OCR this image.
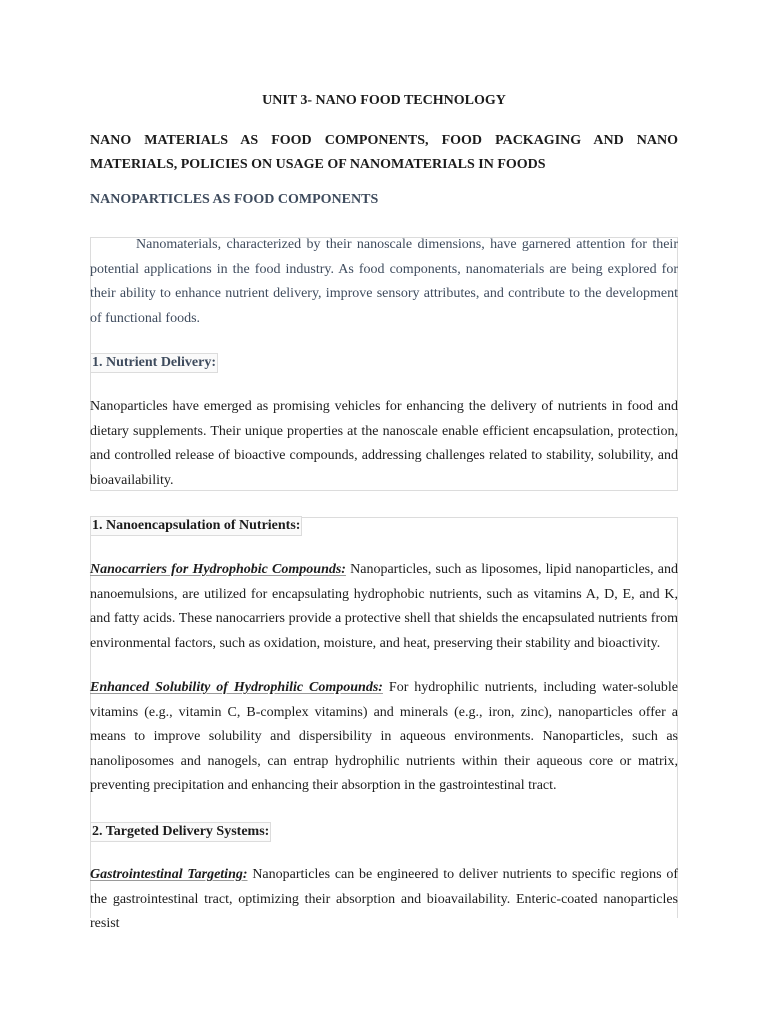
UNIT 3- NANO FOOD TECHNOLOGY
NANO MATERIALS AS FOOD COMPONENTS, FOOD PACKAGING AND NANO MATERIALS, POLICIES ON USAGE OF NANOMATERIALS IN FOODS
NANOPARTICLES AS FOOD COMPONENTS
Nanomaterials, characterized by their nanoscale dimensions, have garnered attention for their potential applications in the food industry. As food components, nanomaterials are being explored for their ability to enhance nutrient delivery, improve sensory attributes, and contribute to the development of functional foods.
1. Nutrient Delivery:
Nanoparticles have emerged as promising vehicles for enhancing the delivery of nutrients in food and dietary supplements. Their unique properties at the nanoscale enable efficient encapsulation, protection, and controlled release of bioactive compounds, addressing challenges related to stability, solubility, and bioavailability.
1. Nanoencapsulation of Nutrients:
Nanocarriers for Hydrophobic Compounds: Nanoparticles, such as liposomes, lipid nanoparticles, and nanoemulsions, are utilized for encapsulating hydrophobic nutrients, such as vitamins A, D, E, and K, and fatty acids. These nanocarriers provide a protective shell that shields the encapsulated nutrients from environmental factors, such as oxidation, moisture, and heat, preserving their stability and bioactivity.
Enhanced Solubility of Hydrophilic Compounds: For hydrophilic nutrients, including water-soluble vitamins (e.g., vitamin C, B-complex vitamins) and minerals (e.g., iron, zinc), nanoparticles offer a means to improve solubility and dispersibility in aqueous environments. Nanoparticles, such as nanoliposomes and nanogels, can entrap hydrophilic nutrients within their aqueous core or matrix, preventing precipitation and enhancing their absorption in the gastrointestinal tract.
2. Targeted Delivery Systems:
Gastrointestinal Targeting: Nanoparticles can be engineered to deliver nutrients to specific regions of the gastrointestinal tract, optimizing their absorption and bioavailability. Enteric-coated nanoparticles resist
